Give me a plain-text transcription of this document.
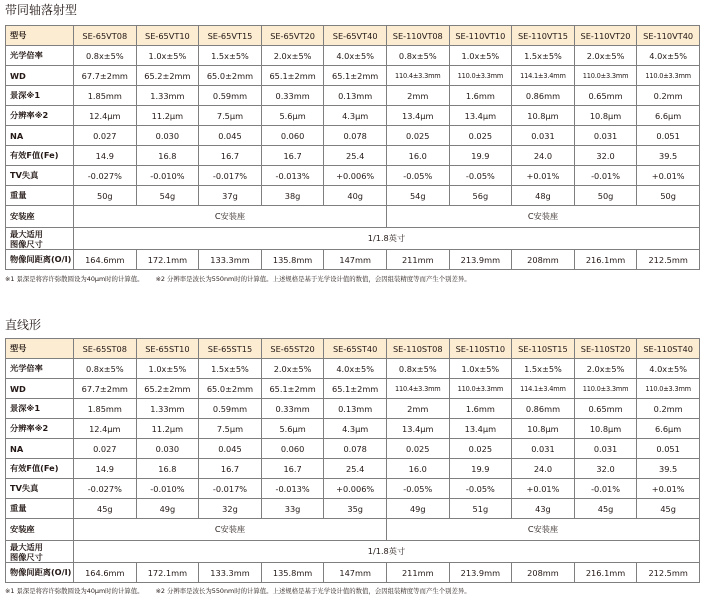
带同轴落射型
型号	SE-65VT08	SE-65VT10	SE-65VT15	SE-65VT20	SE-65VT40	SE-110VT08	SE-110VT10	SE-110VT15	SE-110VT20	SE-110VT40
光学倍率	0.8x±5%	1.0x±5%	1.5x±5%	2.0x±5%	4.0x±5%	0.8x±5%	1.0x±5%	1.5x±5%	2.0x±5%	4.0x±5%
WD	67.7±2mm	65.2±2mm	65.0±2mm	65.1±2mm	65.1±2mm	110.4±3.3mm	110.0±3.3mm	114.1±3.4mm	110.0±3.3mm	110.0±3.3mm
景深※1	1.85mm	1.33mm	0.59mm	0.33mm	0.13mm	2mm	1.6mm	0.86mm	0.65mm	0.2mm
分辨率※2	12.4μm	11.2μm	7.5μm	5.6μm	4.3μm	13.4μm	13.4μm	10.8μm	10.8μm	6.6μm
NA	0.027	0.030	0.045	0.060	0.078	0.025	0.025	0.031	0.031	0.051
有效F值(Fe)	14.9	16.8	16.7	16.7	25.4	16.0	19.9	24.0	32.0	39.5
TV失真	-0.027%	-0.010%	-0.017%	-0.013%	+0.006%	-0.05%	-0.05%	+0.01%	-0.01%	+0.01%
重量	50g	54g	37g	38g	40g	54g	56g	48g	50g	50g
安装座	C安装座					C安装座				
最大适用
图像尺寸	1/1.8英寸									
物像间距离(O/I)	164.6mm	172.1mm	133.3mm	135.8mm	147mm	211mm	213.9mm	208mm	216.1mm	212.5mm
※1 景深是将容许弥散圆设为40μm时的计算值。 ※2 分辨率是波长为550nm时的计算值。上述规格是基于光学设计值的数值，会因组装精度等而产生个别差异。
直线形
型号	SE-65ST08	SE-65ST10	SE-65ST15	SE-65ST20	SE-65ST40	SE-110ST08	SE-110ST10	SE-110ST15	SE-110ST20	SE-110ST40
光学倍率	0.8x±5%	1.0x±5%	1.5x±5%	2.0x±5%	4.0x±5%	0.8x±5%	1.0x±5%	1.5x±5%	2.0x±5%	4.0x±5%
WD	67.7±2mm	65.2±2mm	65.0±2mm	65.1±2mm	65.1±2mm	110.4±3.3mm	110.0±3.3mm	114.1±3.4mm	110.0±3.3mm	110.0±3.3mm
景深※1	1.85mm	1.33mm	0.59mm	0.33mm	0.13mm	2mm	1.6mm	0.86mm	0.65mm	0.2mm
分辨率※2	12.4μm	11.2μm	7.5μm	5.6μm	4.3μm	13.4μm	13.4μm	10.8μm	10.8μm	6.6μm
NA	0.027	0.030	0.045	0.060	0.078	0.025	0.025	0.031	0.031	0.051
有效F值(Fe)	14.9	16.8	16.7	16.7	25.4	16.0	19.9	24.0	32.0	39.5
TV失真	-0.027%	-0.010%	-0.017%	-0.013%	+0.006%	-0.05%	-0.05%	+0.01%	-0.01%	+0.01%
重量	45g	49g	32g	33g	35g	49g	51g	43g	45g	45g
安装座	C安装座					C安装座				
最大适用
图像尺寸	1/1.8英寸									
物像间距离(O/I)	164.6mm	172.1mm	133.3mm	135.8mm	147mm	211mm	213.9mm	208mm	216.1mm	212.5mm
※1 景深是将容许弥散圆设为40μm时的计算值。 ※2 分辨率是波长为550nm时的计算值。上述规格是基于光学设计值的数值，会因组装精度等而产生个别差异。
